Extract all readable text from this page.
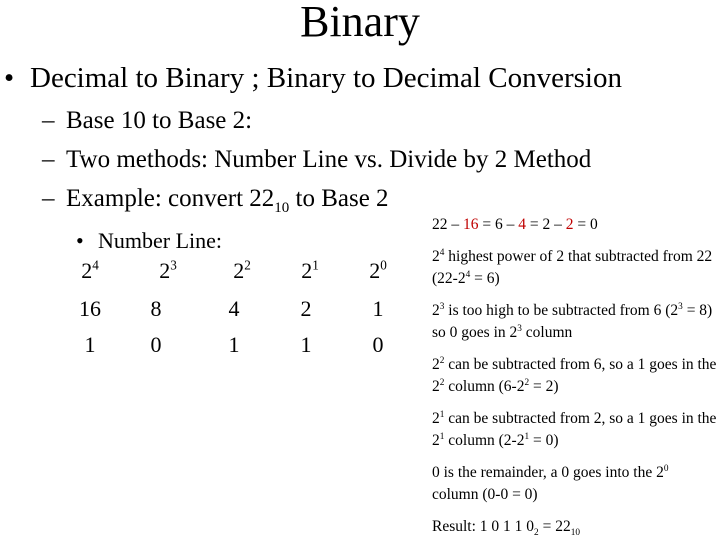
Binary
• Decimal to Binary ; Binary to Decimal Conversion
– Base 10 to Base 2:
– Two methods: Number Line vs. Divide by 2 Method
– Example: convert $22_{10}$ to Base 2
• Number Line:
$2^4$	$2^3$	$2^2$	$2^1$	$2^0$
16	8	4	2	1
1	0	1	1	0
22 – 16 = 6 – 4 = 2 – 2 = 0
$2^4$ highest power of 2 that subtracted from 22 $(22-2^4 = 6)$
$2^3$ is too high to be subtracted from 6 $(2^3 = 8)$ so 0 goes in $2^3$ column
$2^2$ can be subtracted from 6, so a 1 goes in the $2^2$ column $(6-2^2 = 2)$
$2^1$ can be subtracted from 2, so a 1 goes in the $2^1$ column $(2-2^1 = 0)$
0 is the remainder, a 0 goes into the $2^0$ column (0-0 = 0)
Result: 1 0 1 1 $0_2 = 22_{10}$
